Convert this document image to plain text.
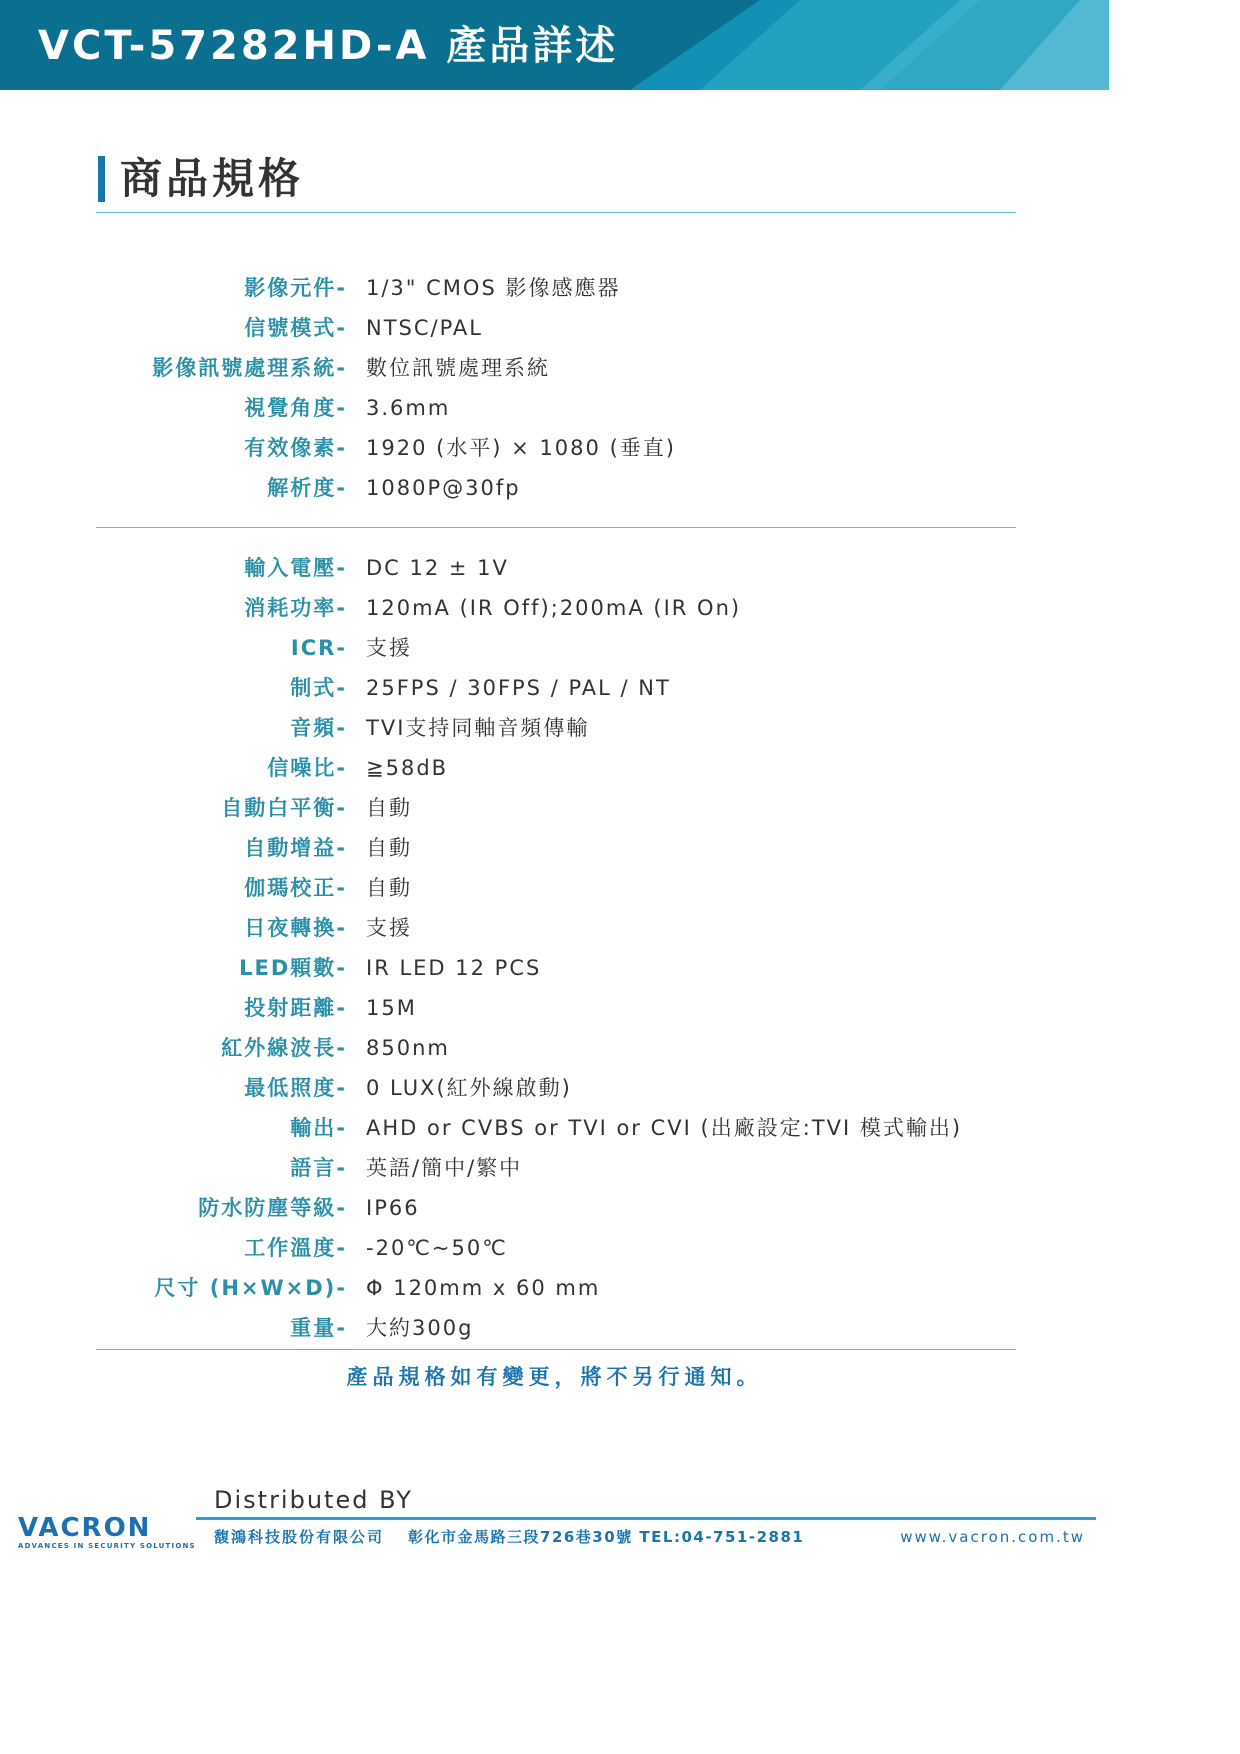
VCT-57282HD-A 產品詳述
商品規格
影像元件- 1/3" CMOS 影像感應器
信號模式- NTSC/PAL
影像訊號處理系統- 數位訊號處理系統
視覺角度- 3.6mm
有效像素- 1920 (水平) × 1080 (垂直)
解析度- 1080P@30fp
輸入電壓- DC 12 ± 1V
消耗功率- 120mA (IR Off);200mA (IR On)
ICR- 支援
制式- 25FPS / 30FPS / PAL / NT
音頻- TVI支持同軸音頻傳輸
信噪比- ≧58dB
自動白平衡- 自動
自動增益- 自動
伽瑪校正- 自動
日夜轉換- 支援
LED顆數- IR LED 12 PCS
投射距離- 15M
紅外線波長- 850nm
最低照度- 0 LUX(紅外線啟動)
輸出- AHD or CVBS or TVI or CVI (出廠設定:TVI 模式輸出)
語言- 英語/簡中/繁中
防水防塵等級- IP66
工作溫度- -20℃~50℃
尺寸 (H×W×D)- Φ 120mm x 60 mm
重量- 大約300g
產品規格如有變更，將不另行通知。
Distributed BY
VACRON
ADVANCES IN SECURITY SOLUTIONS 馥鴻科技股份有限公司 彰化市金馬路三段726巷30號 TEL:04-751-2881	www.vacron.com.tw
